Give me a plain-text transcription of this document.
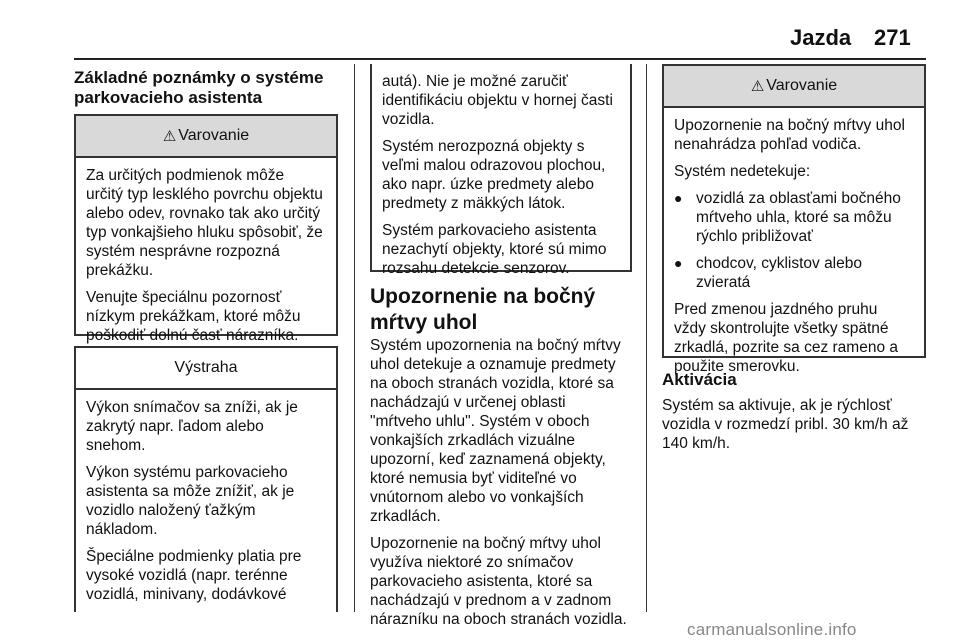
Jazda 271
Základné poznámky o systéme
parkovacieho asistenta
⚠ Varovanie

Za určitých podmienok môže
určitý typ lesklého povrchu objektu
alebo odev, rovnako tak ako určitý
typ vonkajšieho hluku spôsobiť, že
systém nesprávne rozpozná
prekážku.

Venujte špeciálnu pozornosť
nízkym prekážkam, ktoré môžu
poškodiť dolnú časť nárazníka.

Výstraha

Výkon snímačov sa zníži, ak je
zakrytý napr. ľadom alebo
snehom.

Výkon systému parkovacieho
asistenta sa môže znížiť, ak je
vozidlo naložený ťažkým
nákladom.

Špeciálne podmienky platia pre
vysoké vozidlá (napr. terénne
vozidlá, minivany, dodávkové

autá). Nie je možné zaručiť
identifikáciu objektu v hornej časti
vozidla.

Systém nerozpozná objekty s
veľmi malou odrazovou plochou,
ako napr. úzke predmety alebo
predmety z mäkkých látok.

Systém parkovacieho asistenta
nezachytí objekty, ktoré sú mimo
rozsahu detekcie senzorov.

Upozornenie na bočný
mŕtvy uhol

Systém upozornenia na bočný mŕtvy
uhol detekuje a oznamuje predmety
na oboch stranách vozidla, ktoré sa
nachádzajú v určenej oblasti
"mŕtveho uhlu". Systém v oboch
vonkajších zrkadlách vizuálne
upozorní, keď zaznamená objekty,
ktoré nemusia byť viditeľné vo
vnútornom alebo vo vonkajších
zrkadlách.

Upozornenie na bočný mŕtvy uhol
využíva niektoré zo snímačov
parkovacieho asistenta, ktoré sa
nachádzajú v prednom a v zadnom
nárazníku na oboch stranách vozidla.

⚠ Varovanie

Upozornenie na bočný mŕtvy uhol
nenahrádza pohľad vodiča.

Systém nedetekuje:

● vozidlá za oblasťami bočného
mŕtveho uhla, ktoré sa môžu
rýchlo približovať
● chodcov, cyklistov alebo
zvieratá

Pred zmenou jazdného pruhu
vždy skontrolujte všetky spätné
zrkadlá, pozrite sa cez rameno a
použite smerovku.

Aktivácia
Systém sa aktivuje, ak je rýchlosť
vozidla v rozmedzí pribl. 30 km/h až
140 km/h.
carmanualsonline.info
